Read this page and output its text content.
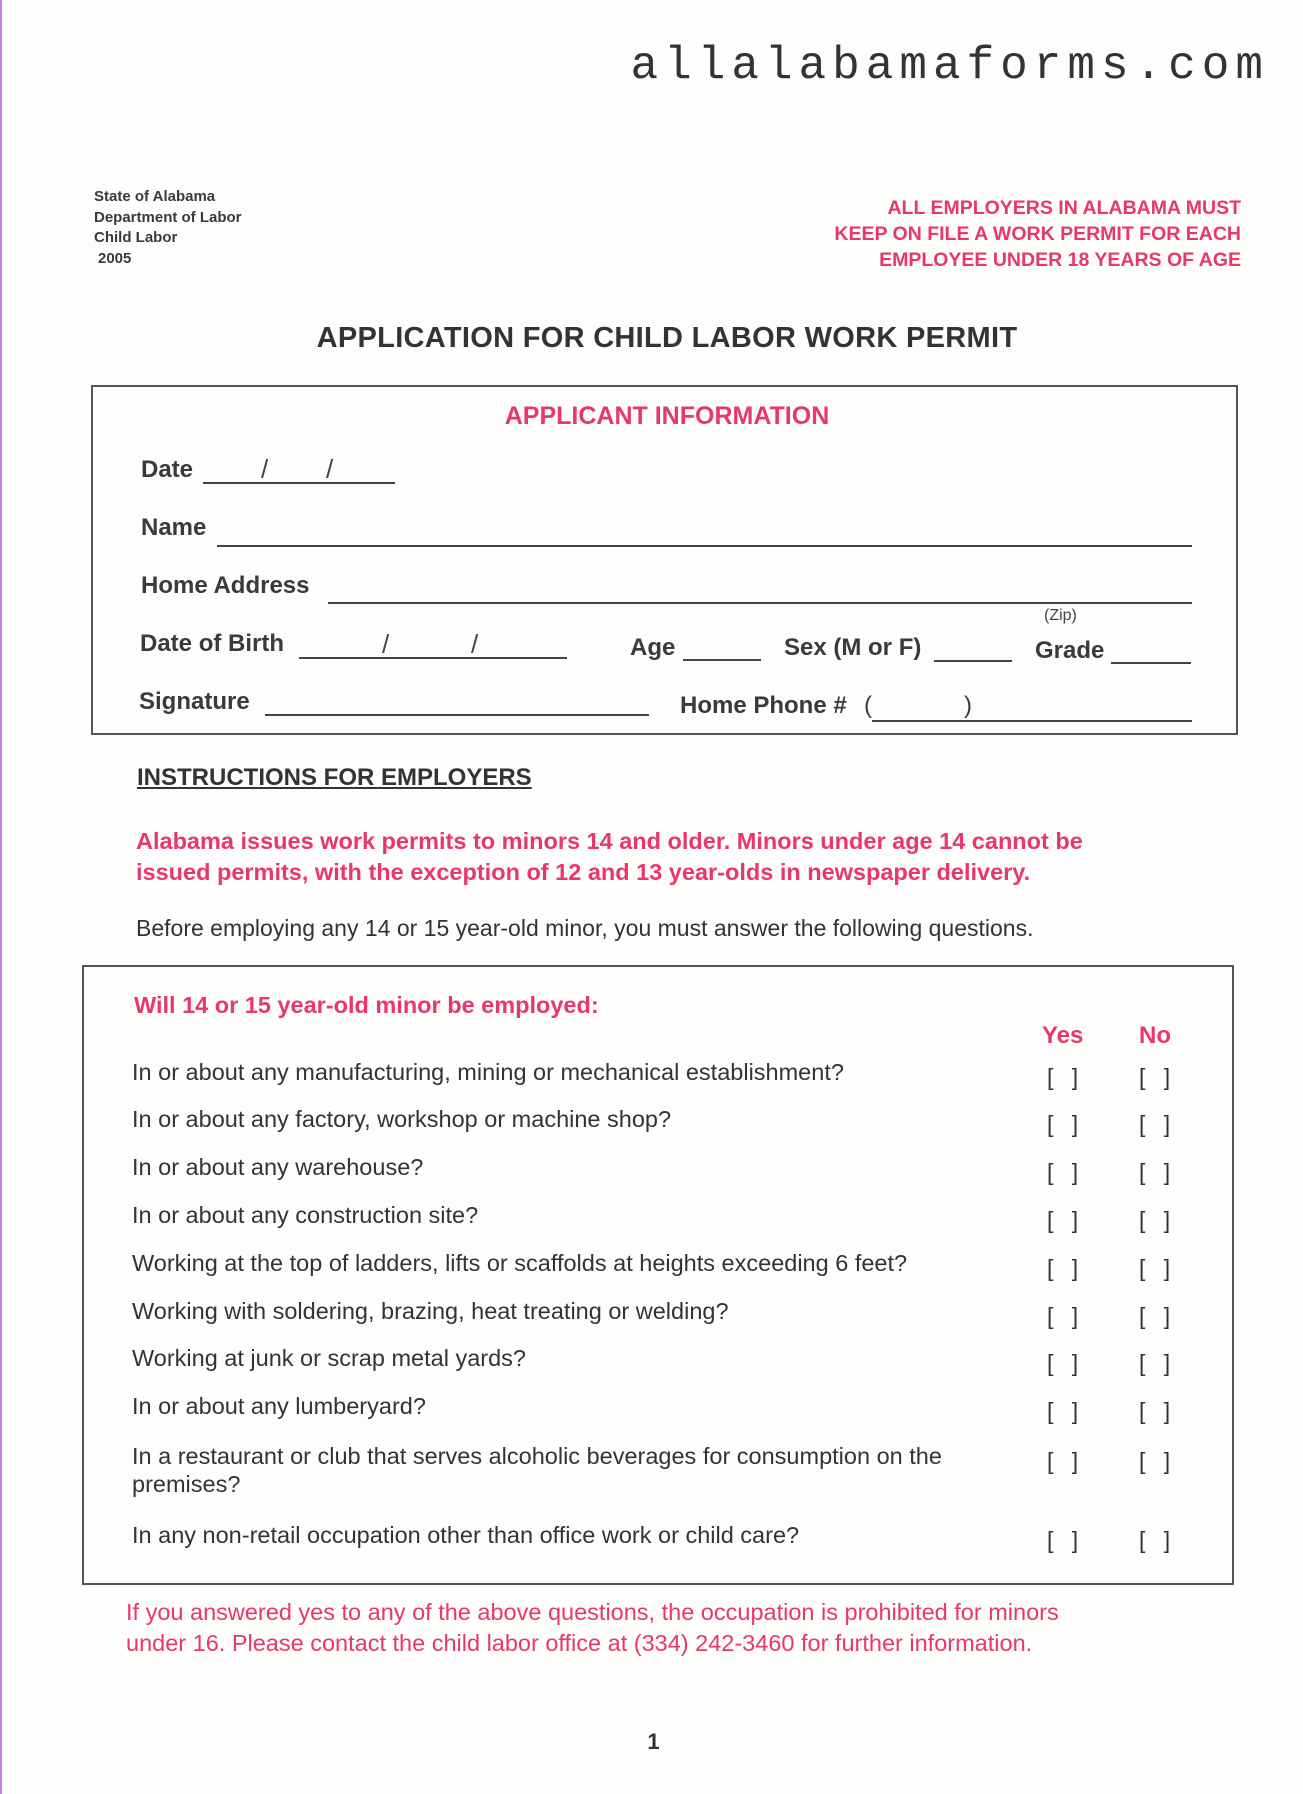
allalabamaforms.com
State of Alabama
Department of Labor
Child Labor
2005
ALL EMPLOYERS IN ALABAMA MUST
KEEP ON FILE A WORK PERMIT FOR EACH
EMPLOYEE UNDER 18 YEARS OF AGE
APPLICATION FOR CHILD LABOR WORK PERMIT
APPLICANT INFORMATION
Date	/ /
Name
Home Address
(Zip)
Date of Birth	/	/	Age	Sex (M or F)	Grade
Signature	Home Phone # (	)
INSTRUCTIONS FOR EMPLOYERS
Alabama issues work permits to minors 14 and older. Minors under age 14 cannot be
issued permits, with the exception of 12 and 13 year-olds in newspaper delivery.
Before employing any 14 or 15 year-old minor, you must answer the following questions.
Will 14 or 15 year-old minor be employed:
Yes No
In or about any manufacturing, mining or mechanical establishment?	[ ] [ ]
In or about any factory, workshop or machine shop?	[ ] [ ]
In or about any warehouse?	[ ] [ ]
In or about any construction site?	[ ] [ ]
Working at the top of ladders, lifts or scaffolds at heights exceeding 6 feet?	[ ] [ ]
Working with soldering, brazing, heat treating or welding?	[ ] [ ]
Working at junk or scrap metal yards?	[ ] [ ]
In or about any lumberyard?	[ ] [ ]
In a restaurant or club that serves alcoholic beverages for consumption on the premises?
[ ] [ ]
In any non-retail occupation other than office work or child care?	[ ] [ ]
If you answered yes to any of the above questions, the occupation is prohibited for minors
under 16. Please contact the child labor office at (334) 242-3460 for further information.
1
